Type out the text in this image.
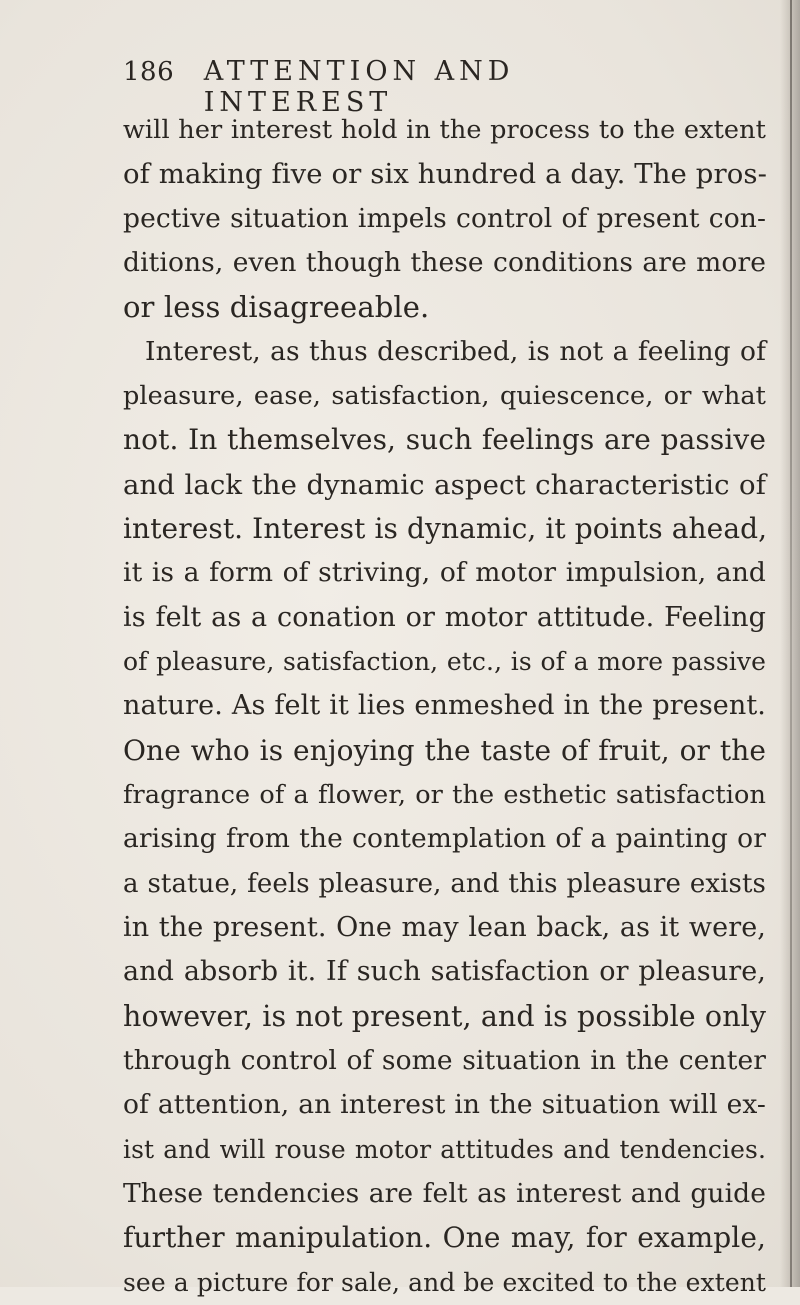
186	ATTENTION AND INTEREST
will her interest hold in the process to the extent
of making five or six hundred a day. The pros-
pective situation impels control of present con-
ditions, even though these conditions are more
or less disagreeable.
Interest, as thus described, is not a feeling of
pleasure, ease, satisfaction, quiescence, or what
not. In themselves, such feelings are passive
and lack the dynamic aspect characteristic of
interest. Interest is dynamic, it points ahead,
it is a form of striving, of motor impulsion, and
is felt as a conation or motor attitude. Feeling
of pleasure, satisfaction, etc., is of a more passive
nature. As felt it lies enmeshed in the present.
One who is enjoying the taste of fruit, or the
fragrance of a flower, or the esthetic satisfaction
arising from the contemplation of a painting or
a statue, feels pleasure, and this pleasure exists
in the present. One may lean back, as it were,
and absorb it. If such satisfaction or pleasure,
however, is not present, and is possible only
through control of some situation in the center
of attention, an interest in the situation will ex-
ist and will rouse motor attitudes and tendencies.
These tendencies are felt as interest and guide
further manipulation. One may, for example,
see a picture for sale, and be excited to the extent
